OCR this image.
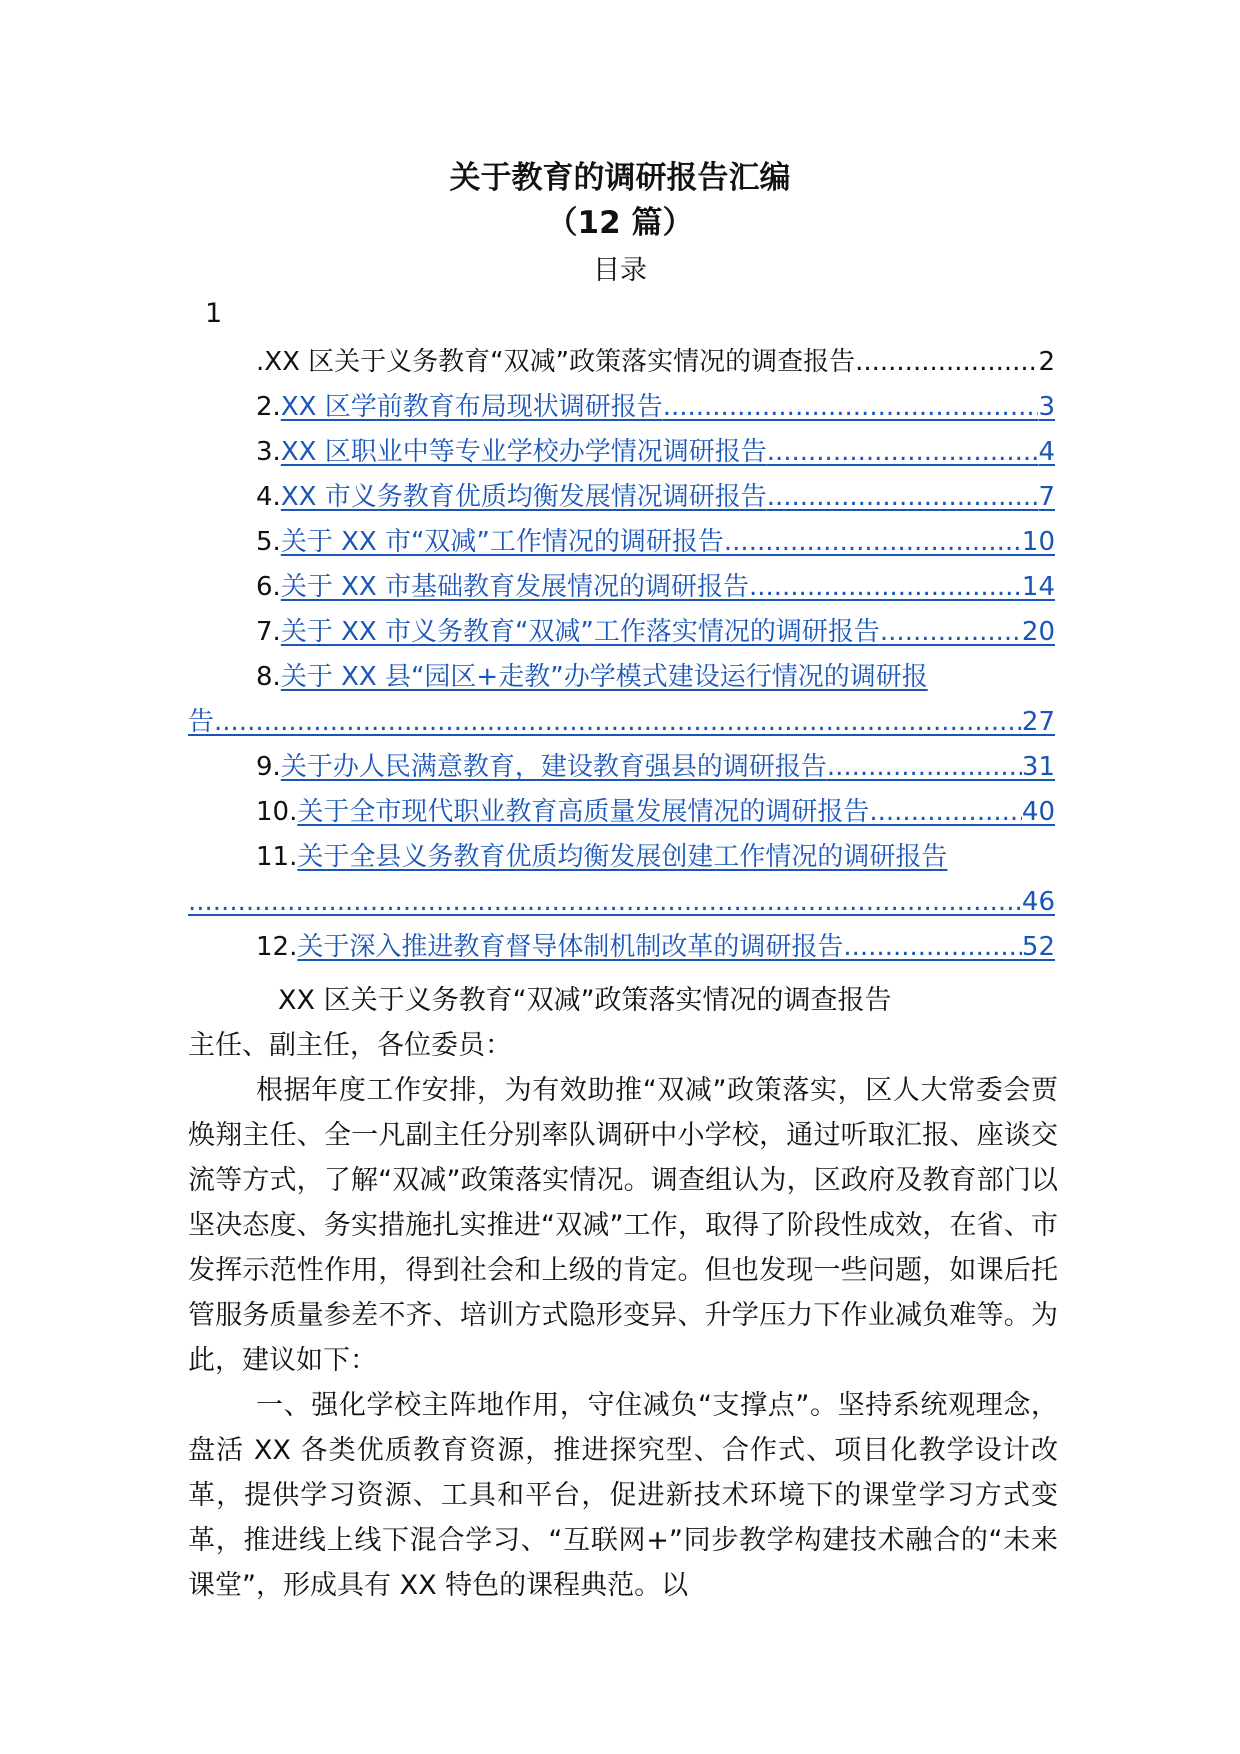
关于教育的调研报告汇编
（12 篇）
目录
1
. XX 区关于义务教育“双减”政策落实情况的调查报告 .....	2
2. XX 区学前教育布局现状调研报告 .....	3
3. XX 区职业中等专业学校办学情况调研报告 .....	4
4. XX 市义务教育优质均衡发展情况调研报告 .....	7
5. 关于 XX 市“双减”工作情况的调研报告 .....	10
6. 关于 XX 市基础教育发展情况的调研报告 .....	14
7. 关于 XX 市义务教育“双减”工作落实情况的调研报告 .....	20
8. 关于 XX 县“园区+走教”办学模式建设运行情况的调研报
告 .....	27
9. 关于办人民满意教育，建设教育强县的调研报告 .....	31
10. 关于全市现代职业教育高质量发展情况的调研报告 .....	40
11. 关于全县义务教育优质均衡发展创建工作情况的调研报告
.....
46
12. 关于深入推进教育督导体制机制改革的调研报告 .....	52
XX 区关于义务教育“双减”政策落实情况的调查报告
主任、副主任，各位委员：

根据年度工作安排，为有效助推“双减”政策落实，区人大常委会贾焕翔主任、全一凡副主任分别率队调研中小学校，通过听取汇报、座谈交流等方式，了解“双减”政策落实情况。调查组认为，区政府及教育部门以坚决态度、务实措施扎实推进“双减”工作，取得了阶段性成效，在省、市发挥示范性作用，得到社会和上级的肯定。但也发现一些问题，如课后托管服务质量参差不齐、培训方式隐形变异、升学压力下作业减负难等。为此，建议如下：

一、强化学校主阵地作用，守住减负“支撑点”。坚持系统观理念，盘活 XX 各类优质教育资源，推进探究型、合作式、项目化教学设计改革，提供学习资源、工具和平台，促进新技术环境下的课堂学习方式变革，推进线上线下混合学习、“互联网+”同步教学构建技术融合的“未来课堂”，形成具有 XX 特色的课程典范。以
